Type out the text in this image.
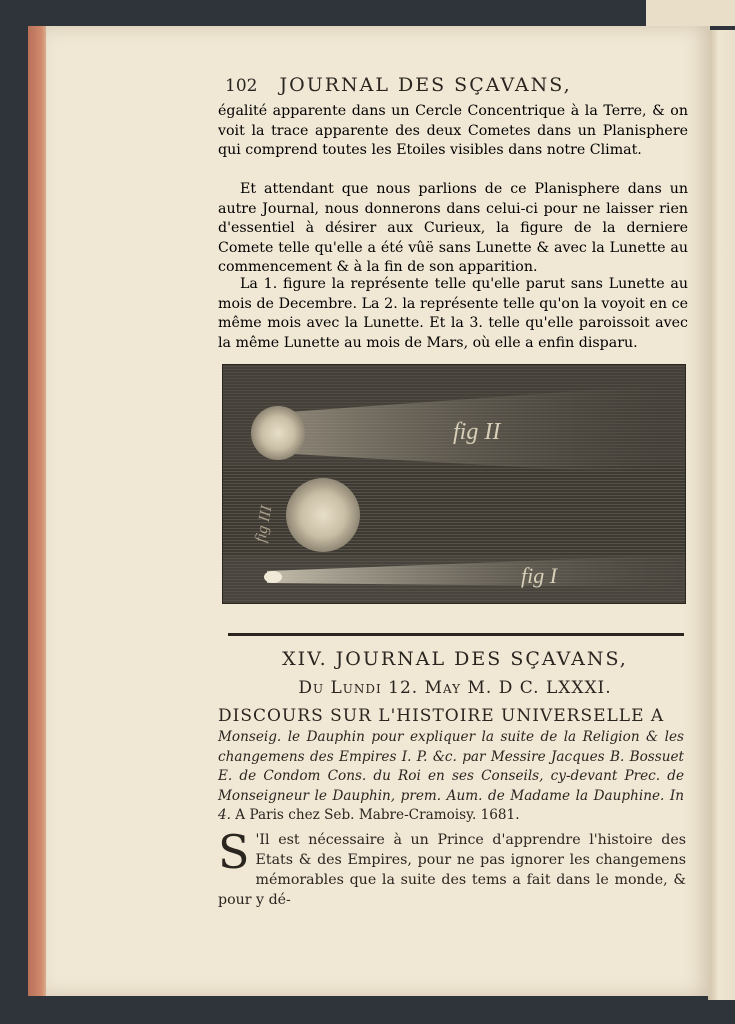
102 JOURNAL DES SÇAVANS,

égalité apparente dans un Cercle Concentrique à la Terre, & on voit la trace apparente des deux Cometes dans un Planisphere qui comprend toutes les Etoiles visibles dans notre Climat.

Et attendant que nous parlions de ce Planisphere dans un autre Journal, nous donnerons dans celui-ci pour ne laisser rien d'essentiel à désirer aux Curieux, la figure de la derniere Comete telle qu'elle a été vûë sans Lunette & avec la Lunette au commencement & à la fin de son apparition.

La 1. figure la représente telle qu'elle parut sans Lunette au mois de Decembre. La 2. la représente telle qu'on la voyoit en ce même mois avec la Lunette. Et la 3. telle qu'elle paroissoit avec la même Lunette au mois de Mars, où elle a enfin disparu.

fig II
fig I
fig III
XIV. JOURNAL DES SÇAVANS,
Du Lundi 12. May M. D C. LXXXI.
DISCOURS SUR L'HISTOIRE UNIVERSELLE A
Monseig. le Dauphin pour expliquer la suite de la Religion & les changemens des Empires I. P. &c. par Messire Jacques B. Bossuet E. de Condom Cons. du Roi en ses Conseils, cy-devant Prec. de Monseigneur le Dauphin, prem. Aum. de Madame la Dauphine. In 4. A Paris chez Seb. Mabre-Cramoisy. 1681.
S 'Il est nécessaire à un Prince d'apprendre l'histoire des Etats & des Empires, pour ne pas ignorer les changemens mémorables que la suite des tems a fait dans le monde, & pour y dé-
